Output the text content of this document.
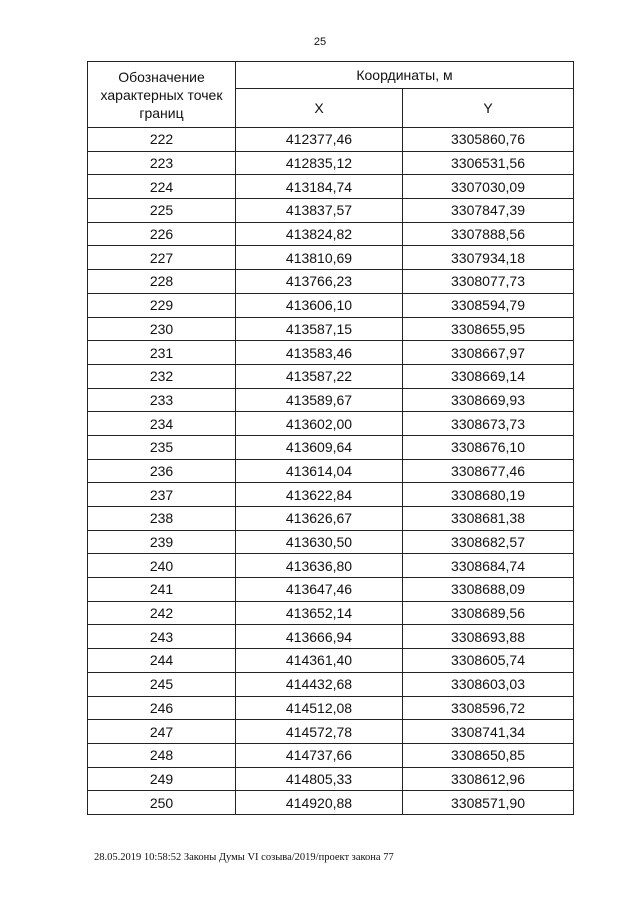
25
Обозначение
характерных точек
границ	Координаты, м	
	X	Y
222	412377,46	3305860,76
223	412835,12	3306531,56
224	413184,74	3307030,09
225	413837,57	3307847,39
226	413824,82	3307888,56
227	413810,69	3307934,18
228	413766,23	3308077,73
229	413606,10	3308594,79
230	413587,15	3308655,95
231	413583,46	3308667,97
232	413587,22	3308669,14
233	413589,67	3308669,93
234	413602,00	3308673,73
235	413609,64	3308676,10
236	413614,04	3308677,46
237	413622,84	3308680,19
238	413626,67	3308681,38
239	413630,50	3308682,57
240	413636,80	3308684,74
241	413647,46	3308688,09
242	413652,14	3308689,56
243	413666,94	3308693,88
244	414361,40	3308605,74
245	414432,68	3308603,03
246	414512,08	3308596,72
247	414572,78	3308741,34
248	414737,66	3308650,85
249	414805,33	3308612,96
250	414920,88	3308571,90
28.05.2019 10:58:52 Законы Думы VI созыва/2019/проект закона 77
